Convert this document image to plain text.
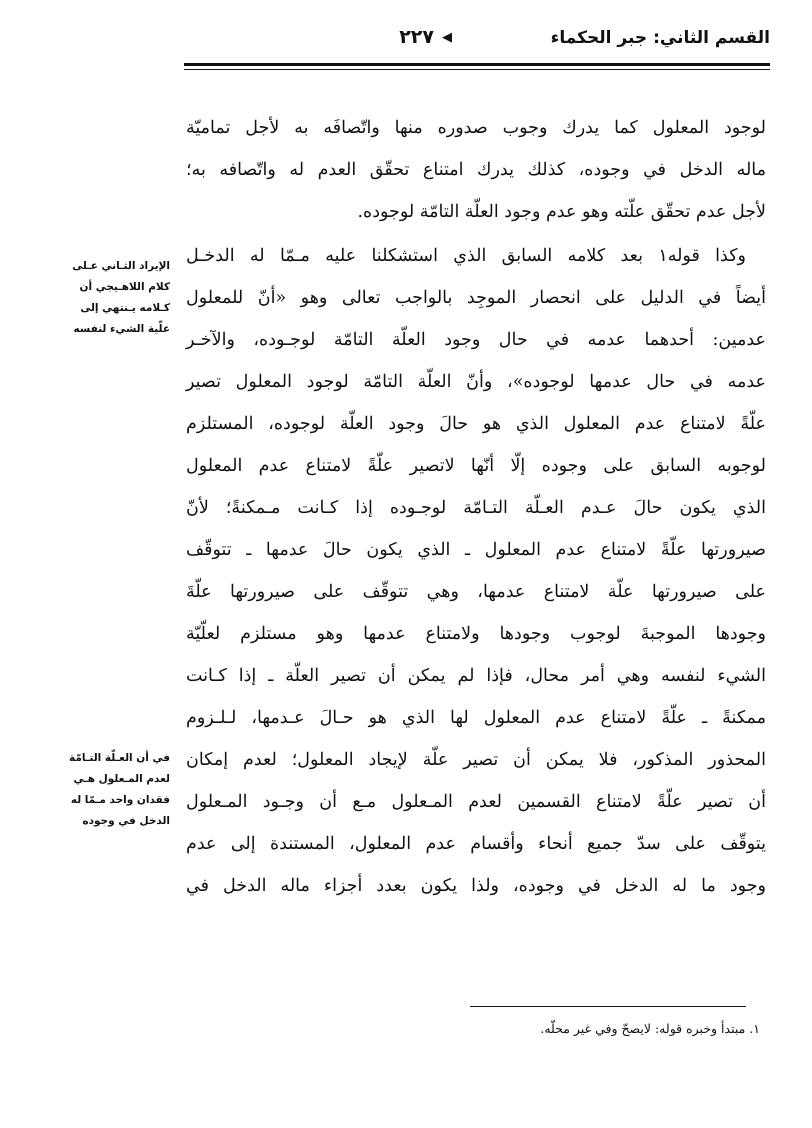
القسم الثاني: جبر الحكماء
◀
٢٢٧
لوجود المعلول كما يدرك وجوب صدوره منها واتّصافَه به لأجل تماميّة
ماله الدخل في وجوده، كذلك يدرك امتناع تحقّق العدم له واتّصافه به؛
لأجل عدم تحقّق علّته وهو عدم وجود العلّة التامّة لوجوده.
وكذا قوله١ بعد كلامه السابق الذي استشكلنا عليه مـمّا له الدخـل
أيضاً في الدليل على انحصار الموجِد بالواجب تعالى وهو «أنّ للمعلول
عدمين: أحدهما عدمه في حال وجود العلّة التامّة لوجـوده، والآخـر
عدمه في حال عدمها لوجوده»، وأنّ العلّة التامّة لوجود المعلول تصير
علّةً لامتناع عدم المعلول الذي هو حالَ وجود العلّة لوجوده، المستلزم
لوجوبه السابق على وجوده إلّا أنّها لاتصير علّةً لامتناع عدم المعلول
الذي يكون حالَ عـدم العـلّة التـامّة لوجـوده إذا كـانت مـمكنةً؛ لأنّ
صيرورتها علّةً لامتناع عدم المعلول ـ الذي يكون حالَ عدمها ـ تتوقّف
على صيرورتها علّة لامتناع عدمها، وهي تتوقّف على صيرورتها علّةَ
وجودها الموجبةَ لوجوب وجودها ولامتناع عدمها وهو مستلزم لعلّيّة
الشيء لنفسه وهي أمر محال، فإذا لم يمكن أن تصير العلّة ـ إذا كـانت
ممكنةً ـ علّةً لامتناع عدم المعلول لها الذي هو حـالَ عـدمها، لـلـزوم
المحذور المذكور، فلا يمكن أن تصير علّة لإيجاد المعلول؛ لعدم إمكان
أن تصير علّةً لامتناع القسمين لعدم المـعلول مـع أن وجـود المـعلول
يتوقّف على سدّ جميع أنحاء وأقسام عدم المعلول، المستندة إلى عدم
وجود ما له الدخل في وجوده، ولذا يكون بعدد أجزاء ماله الدخل في
الإيراد الثـاني عـلى
كلام اللاهـيجي أن
كـلامه يـنتهي إلى
علّية الشيء لنفسه
في أن العـلّة التـامّة
لعدم المـعلول هـي
فقدان واحد مـمّا له
الدخل في وجوده
١. مبتدأ وخبره قوله: لايصحّ وفي غير محلّه.
